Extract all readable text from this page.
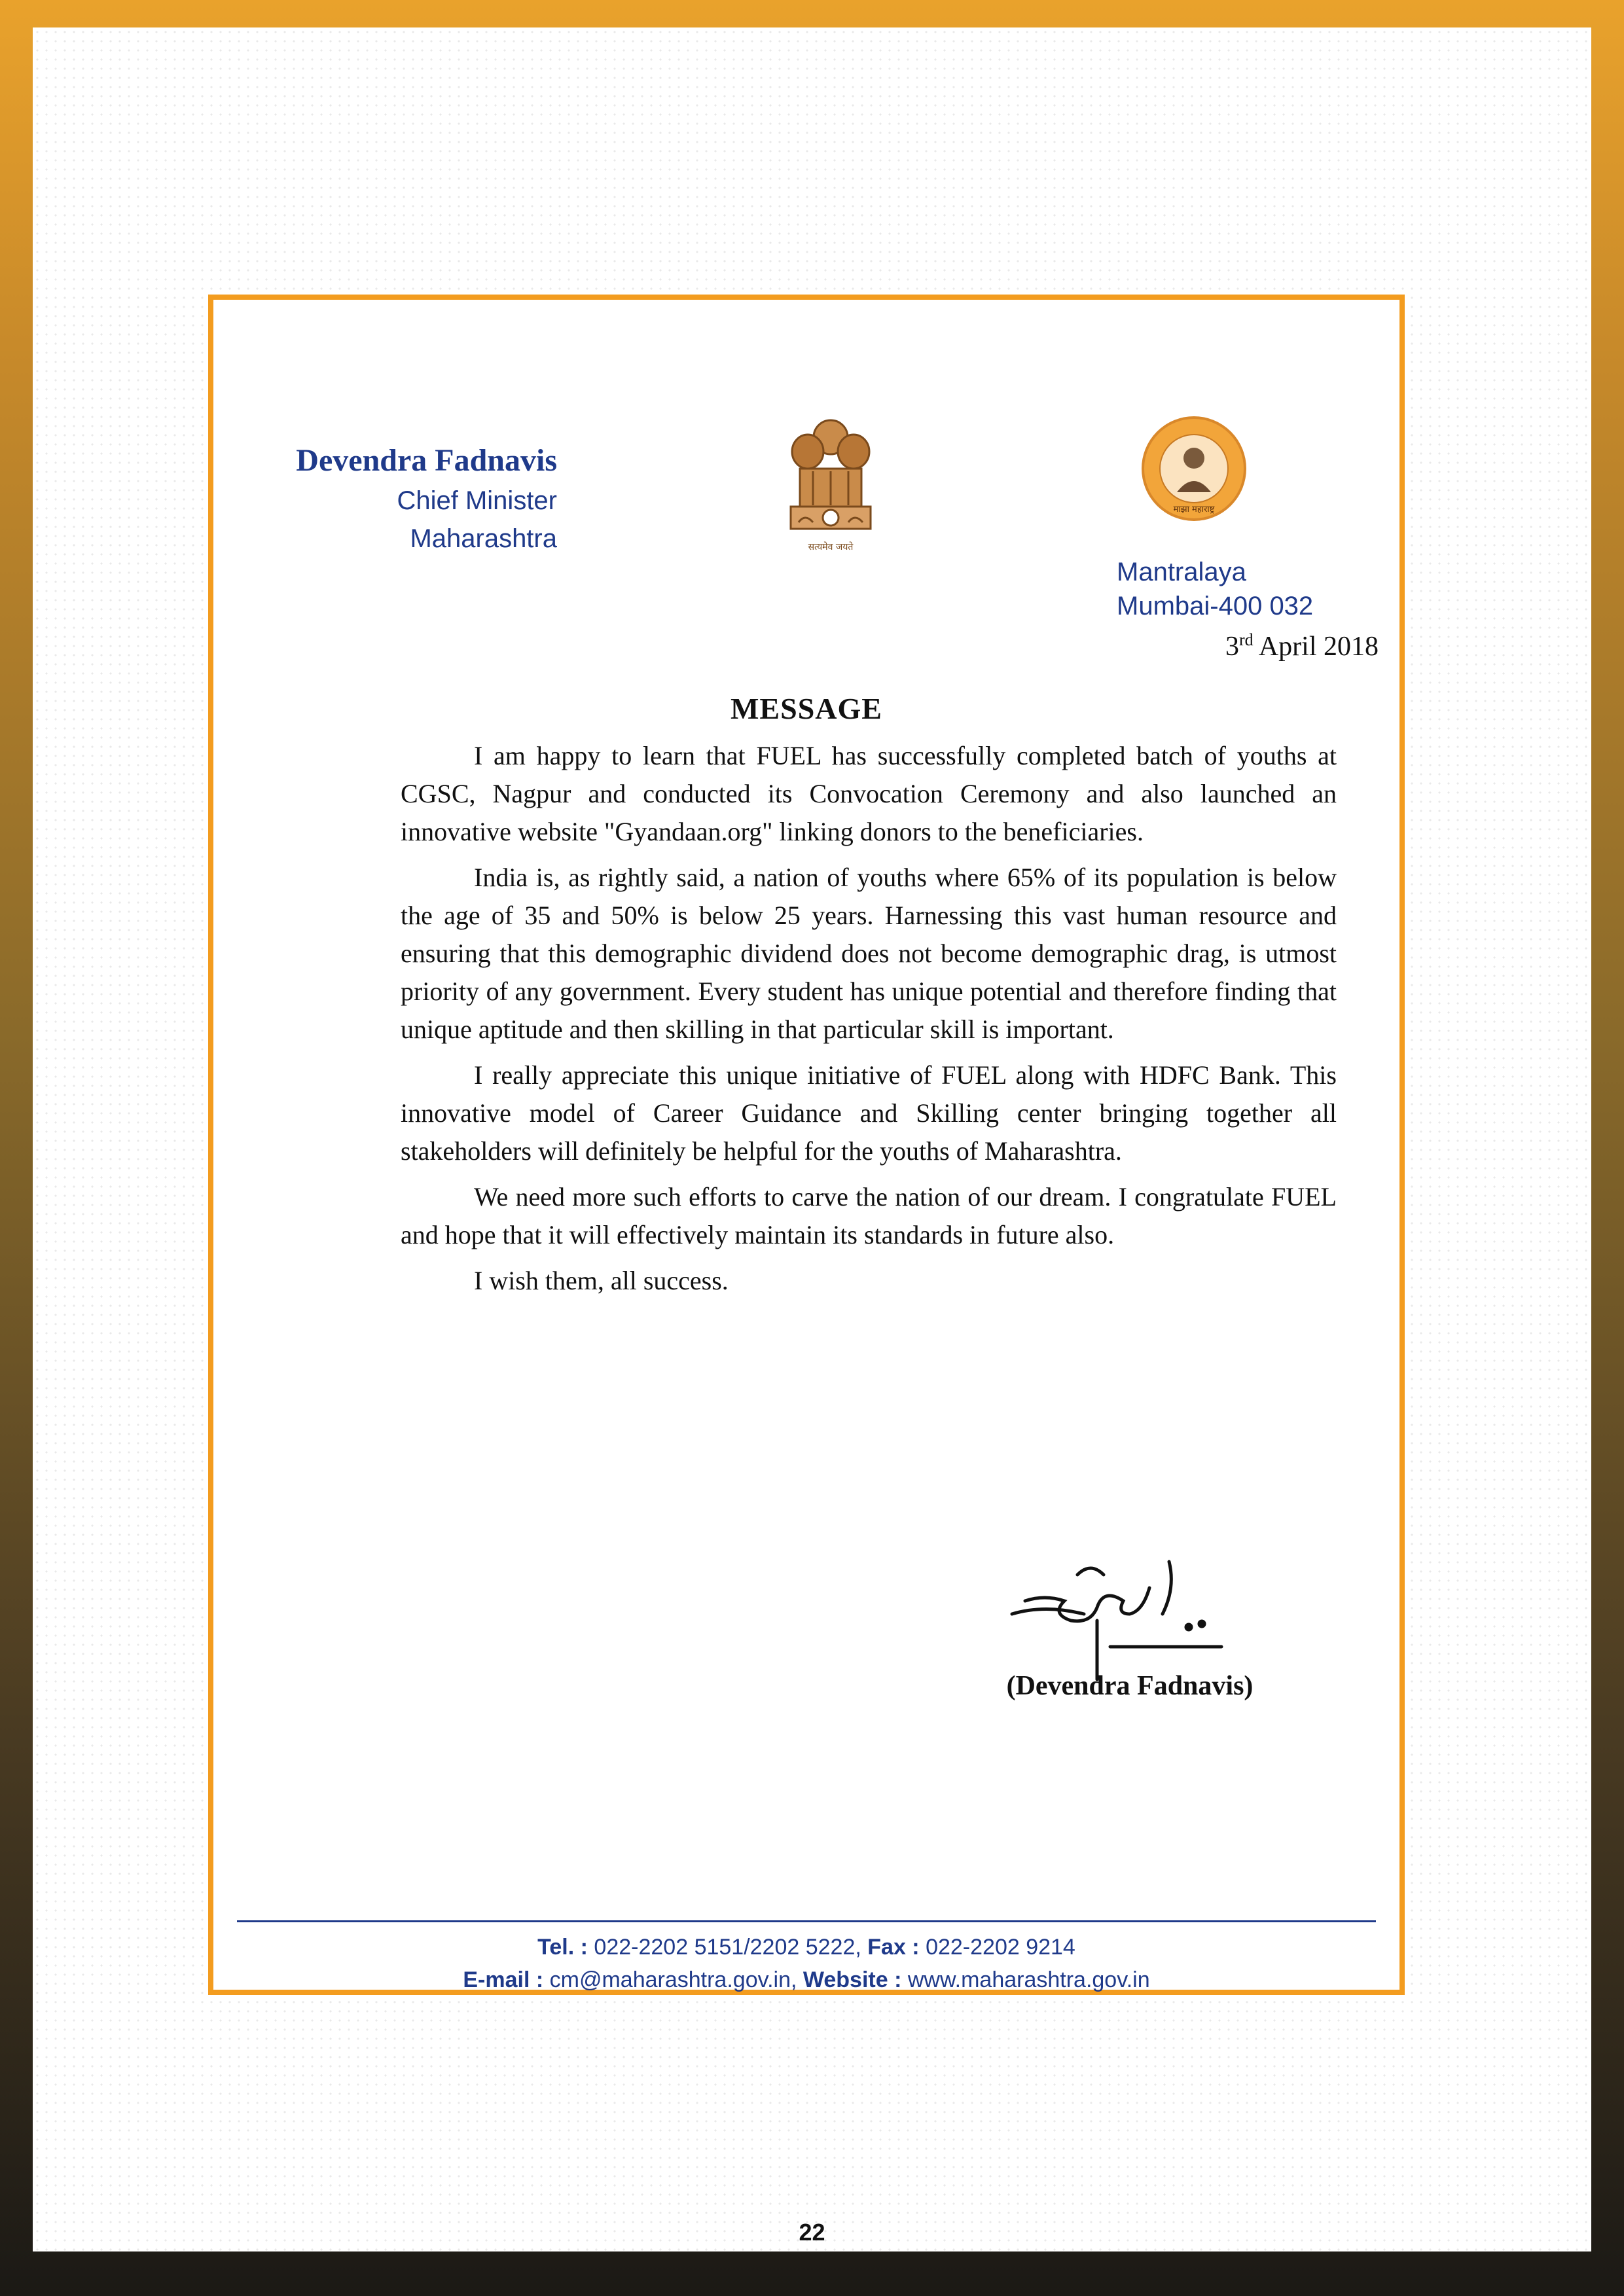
Devendra Fadnavis
Chief Minister
Maharashtra	सत्यमेव जयते
माझा महाराष्ट्र
Mantralaya
Mumbai-400 032
3rd April 2018
MESSAGE

I am happy to learn that FUEL has successfully completed batch of youths at CGSC, Nagpur and conducted its Convocation Ceremony and also launched an innovative website "Gyandaan.org" linking donors to the beneficiaries.

India is, as rightly said, a nation of youths where 65% of its population is below the age of 35 and 50% is below 25 years. Harnessing this vast human resource and ensuring that this demographic dividend does not become demographic drag, is utmost priority of any government. Every student has unique potential and therefore finding that unique aptitude and then skilling in that particular skill is important.

I really appreciate this unique initiative of FUEL along with HDFC Bank. This innovative model of Career Guidance and Skilling center bringing together all stakeholders will definitely be helpful for the youths of Maharashtra.

We need more such efforts to carve the nation of our dream. I congratulate FUEL and hope that it will effectively maintain its standards in future also.

I wish them, all success.

(Devendra Fadnavis)
Tel. : 022-2202 5151/2202 5222, Fax : 022-2202 9214
E-mail : cm@maharashtra.gov.in, Website : www.maharashtra.gov.in
22
